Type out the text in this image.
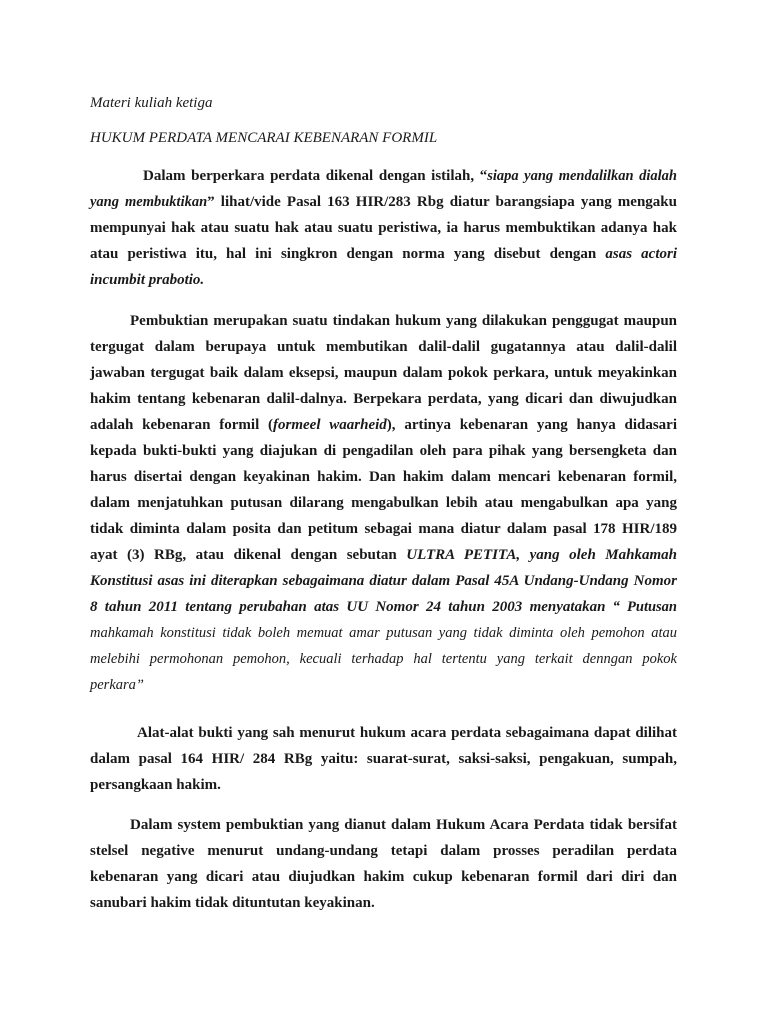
Materi kuliah ketiga
HUKUM PERDATA MENCARAI KEBENARAN FORMIL
Dalam berperkara perdata dikenal dengan istilah, “siapa yang mendalilkan dialah
yang membuktikan” lihat/vide Pasal 163 HIR/283 Rbg diatur barangsiapa yang mengaku
mempunyai hak atau suatu hak atau suatu peristiwa, ia harus membuktikan adanya hak
atau peristiwa itu, hal ini singkron dengan norma yang disebut dengan asas actori
incumbit prabotio.
Pembuktian merupakan suatu tindakan hukum yang dilakukan penggugat maupun
tergugat dalam berupaya untuk membutikan dalil-dalil gugatannya atau dalil-dalil
jawaban tergugat baik dalam eksepsi, maupun dalam pokok perkara, untuk meyakinkan
hakim tentang kebenaran dalil-dalnya. Berpekara perdata, yang dicari dan diwujudkan
adalah kebenaran formil (formeel waarheid), artinya kebenaran yang hanya didasari
kepada bukti-bukti yang diajukan di pengadilan oleh para pihak yang bersengketa dan
harus disertai dengan keyakinan hakim. Dan hakim dalam mencari kebenaran formil,
dalam menjatuhkan putusan dilarang mengabulkan lebih atau mengabulkan apa yang
tidak diminta dalam posita dan petitum sebagai mana diatur dalam pasal 178 HIR/189
ayat (3) RBg, atau dikenal dengan sebutan ULTRA PETITA, yang oleh Mahkamah
Konstitusi asas ini diterapkan sebagaimana diatur dalam Pasal 45A Undang-Undang Nomor
8 tahun 2011 tentang perubahan atas UU Nomor 24 tahun 2003 menyatakan “ Putusan
mahkamah konstitusi tidak boleh memuat amar putusan yang tidak diminta oleh pemohon atau
melebihi permohonan pemohon, kecuali terhadap hal tertentu yang terkait denngan pokok
perkara”
Alat-alat bukti yang sah menurut hukum acara perdata sebagaimana dapat dilihat
dalam pasal 164 HIR/ 284 RBg yaitu: suarat-surat, saksi-saksi, pengakuan, sumpah,
persangkaan hakim.
Dalam system pembuktian yang dianut dalam Hukum Acara Perdata tidak bersifat
stelsel negative menurut undang-undang tetapi dalam prosses peradilan perdata
kebenaran yang dicari atau diujudkan hakim cukup kebenaran formil dari diri dan
sanubari hakim tidak dituntutan keyakinan.
